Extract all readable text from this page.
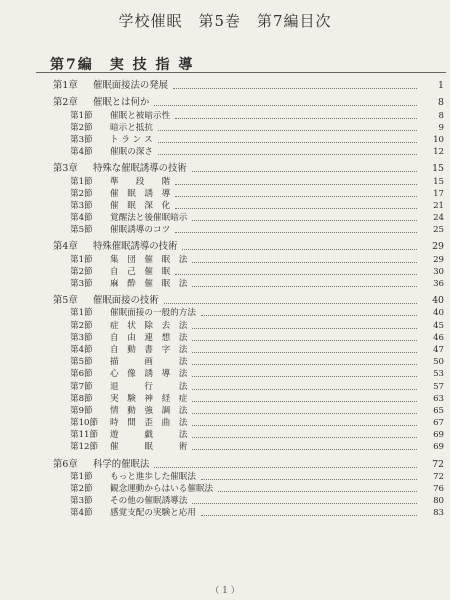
学校催眠　第5巻　第7編目次
第7編　実 技 指 導
第1章	催眠面接法の発展	1
第2章	催眠とは何か	8
第1節	催眠と被暗示性	8
第2節	暗示と抵抗	9
第3節	ト ラ ン ス	10
第4節	催眠の深さ	12
第3章	特殊な催眠誘導の技術	15
第1節	準　　段　　階	15
第2節	催　眠　誘　導	17
第3節	催　眠　深　化	21
第4節	覚醒法と後催眠暗示	24
第5節	催眠誘導のコツ	25
第4章	特殊催眠誘導の技術	29
第1節	集　団　催　眠　法	29
第2節	自　己　催　眠	30
第3節	麻　酔　催　眠　法	36
第5章	催眠面接の技術	40
第1節	催眠面接の一般的方法	40
第2節	症　状　除　去　法	45
第3節	自　由　連　想　法	46
第4節	自　動　書　字　法	47
第5節	描　　　画　　　法	50
第6節	心　像　誘　導　法	53
第7節	退　　　行　　　法	57
第8節	実　験　神　経　症	63
第9節	情　動　強　調　法	65
第10節	時　間　歪　曲　法	67
第11節	遊　　　戯　　　法	69
第12節	催　　　眠　　　術	69
第6章	科学的催眠法	72
第1節	もっと進歩した催眠法	72
第2節	観念運動からはいる催眠法	76
第3節	その他の催眠誘導法	80
第4節	感覚支配の実験と応用	83
（ 1 ）
